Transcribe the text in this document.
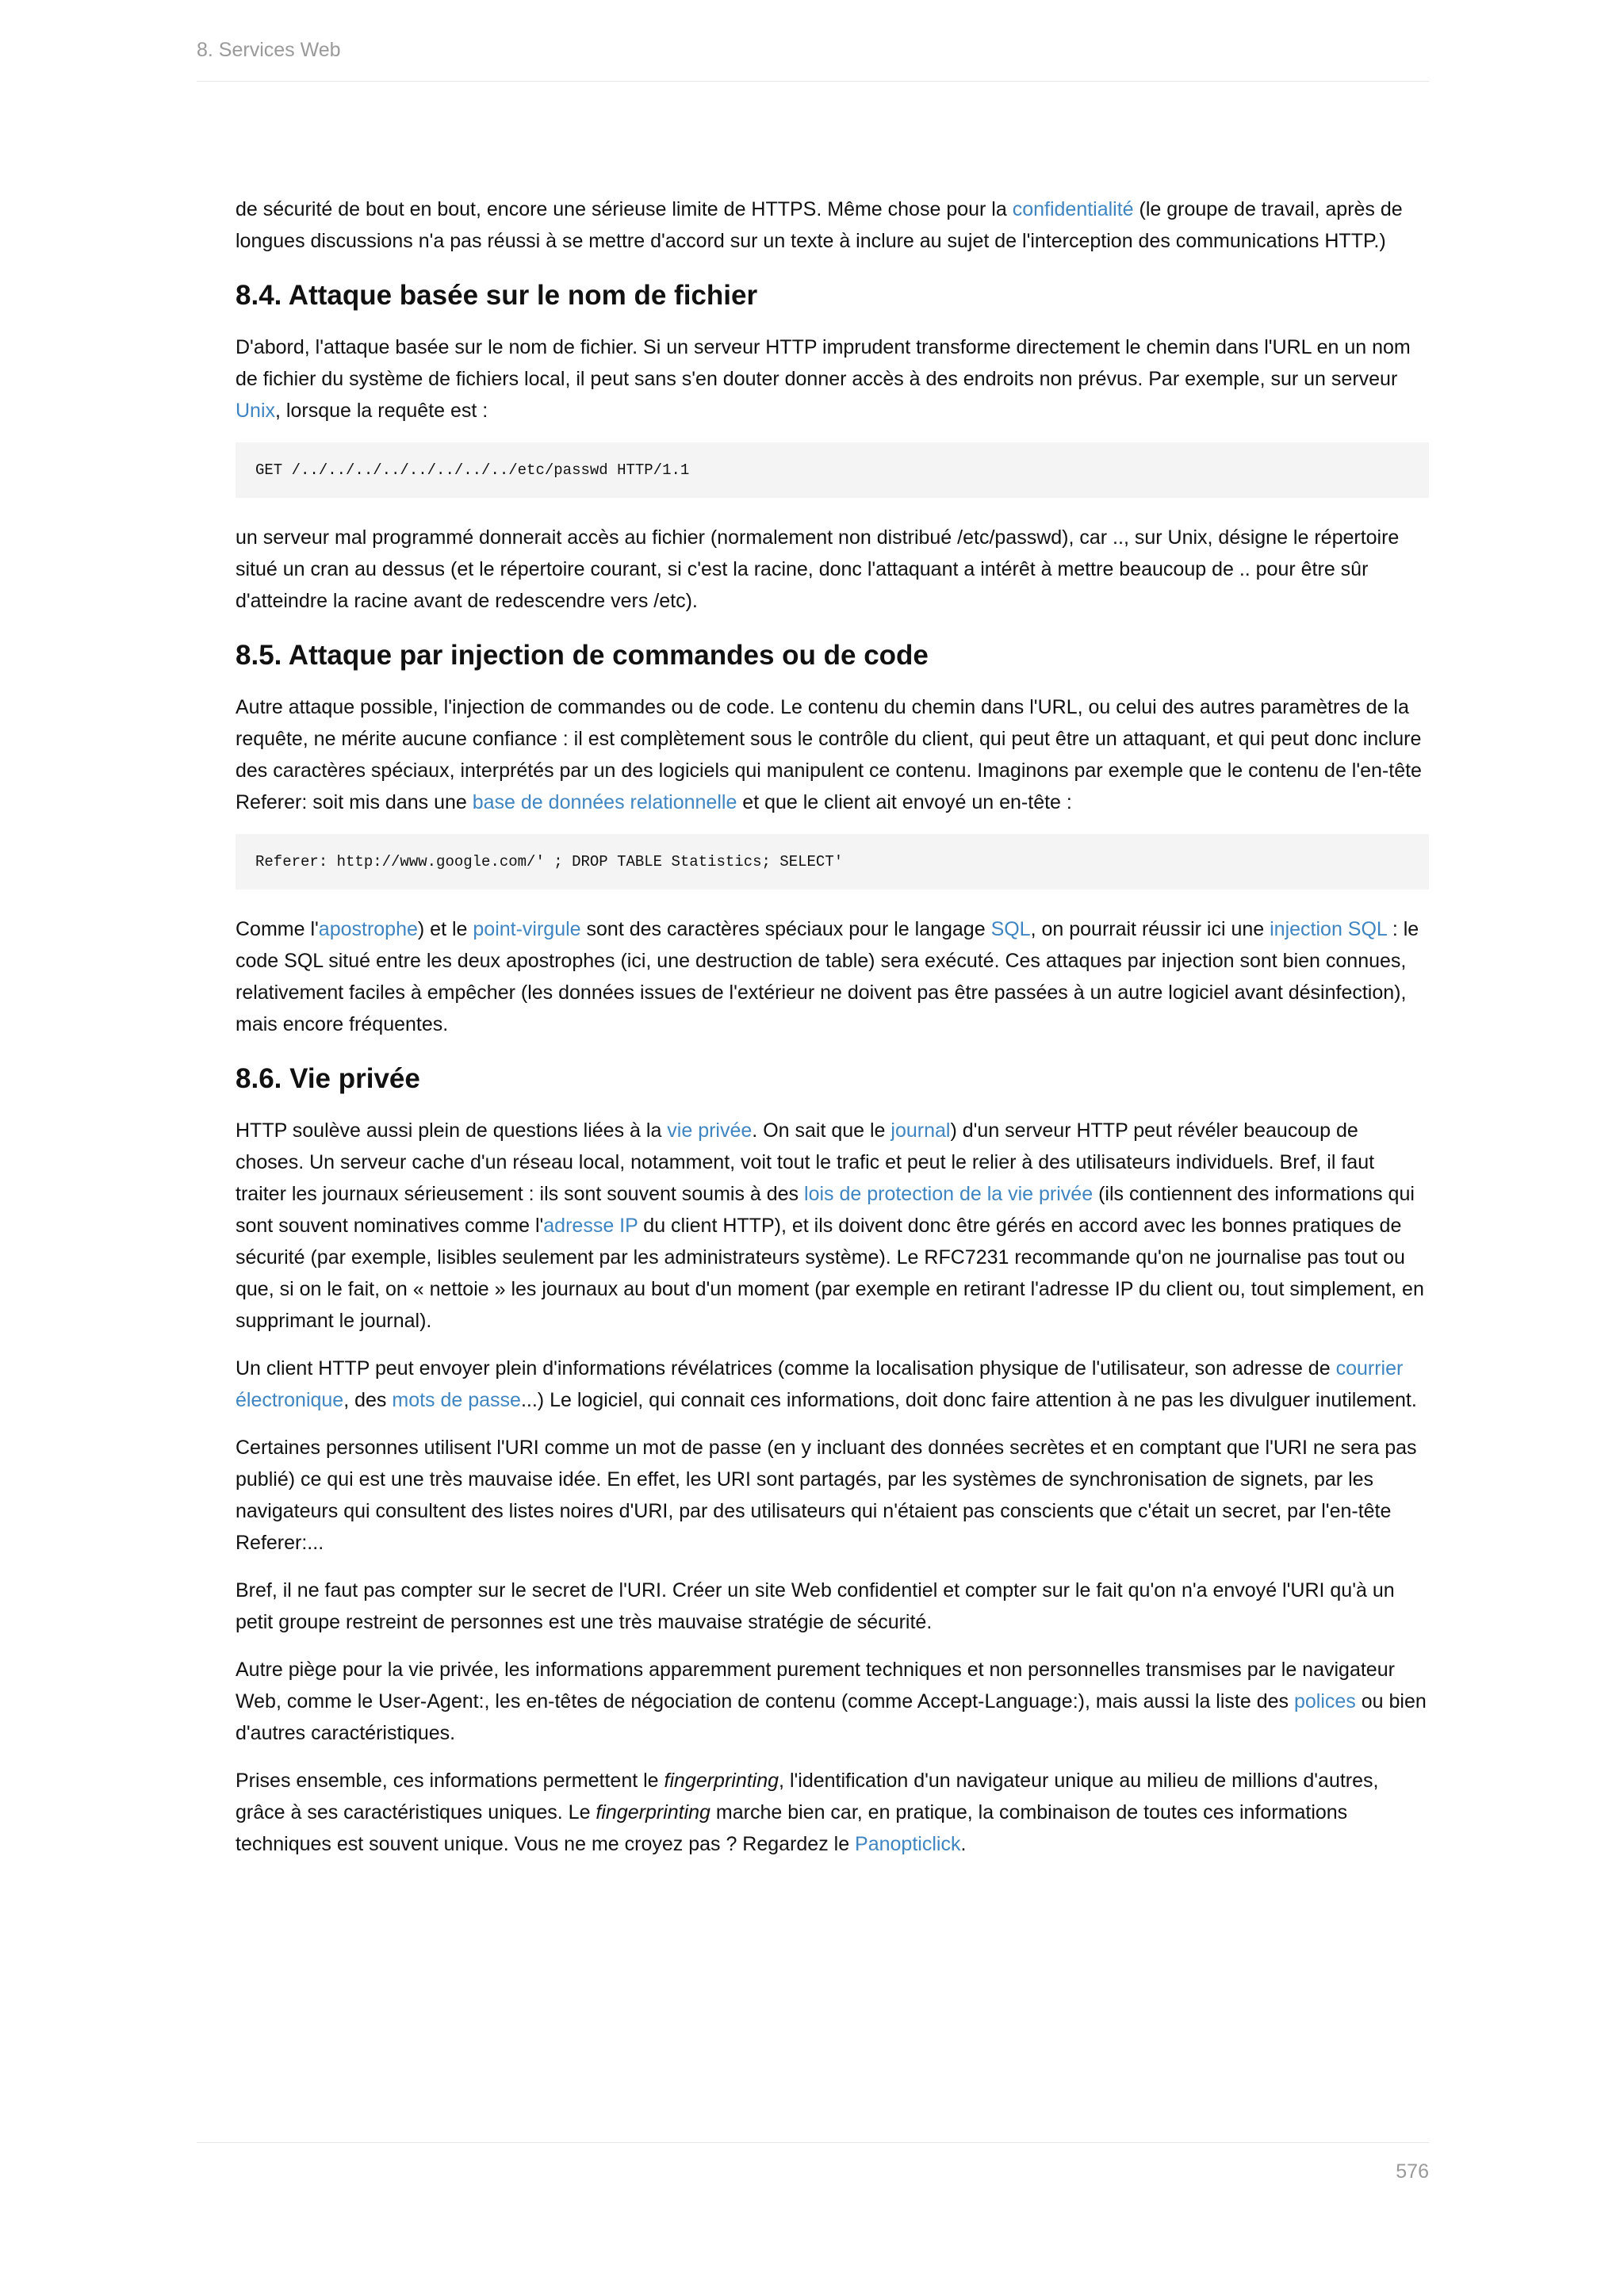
8. Services Web

de sécurité de bout en bout, encore une sérieuse limite de HTTPS. Même chose pour la confidentialité (le groupe de travail, après de longues discussions n'a pas réussi à se mettre d'accord sur un texte à inclure au sujet de l'interception des communications HTTP.)

8.4. Attaque basée sur le nom de fichier

D'abord, l'attaque basée sur le nom de fichier. Si un serveur HTTP imprudent transforme directement le chemin dans l'URL en un nom de fichier du système de fichiers local, il peut sans s'en douter donner accès à des endroits non prévus. Par exemple, sur un serveur Unix, lorsque la requête est :

GET /../../../../../../../../etc/passwd HTTP/1.1

un serveur mal programmé donnerait accès au fichier (normalement non distribué /etc/passwd), car .., sur Unix, désigne le répertoire situé un cran au dessus (et le répertoire courant, si c'est la racine, donc l'attaquant a intérêt à mettre beaucoup de .. pour être sûr d'atteindre la racine avant de redescendre vers /etc).

8.5. Attaque par injection de commandes ou de code

Autre attaque possible, l'injection de commandes ou de code. Le contenu du chemin dans l'URL, ou celui des autres paramètres de la requête, ne mérite aucune confiance : il est complètement sous le contrôle du client, qui peut être un attaquant, et qui peut donc inclure des caractères spéciaux, interprétés par un des logiciels qui manipulent ce contenu. Imaginons par exemple que le contenu de l'en-tête Referer: soit mis dans une base de données relationnelle et que le client ait envoyé un en-tête :

Referer: http://www.google.com/' ; DROP TABLE Statistics; SELECT'

Comme l'apostrophe) et le point-virgule sont des caractères spéciaux pour le langage SQL, on pourrait réussir ici une injection SQL : le code SQL situé entre les deux apostrophes (ici, une destruction de table) sera exécuté. Ces attaques par injection sont bien connues, relativement faciles à empêcher (les données issues de l'extérieur ne doivent pas être passées à un autre logiciel avant désinfection), mais encore fréquentes.

8.6. Vie privée

HTTP soulève aussi plein de questions liées à la vie privée. On sait que le journal) d'un serveur HTTP peut révéler beaucoup de choses. Un serveur cache d'un réseau local, notamment, voit tout le trafic et peut le relier à des utilisateurs individuels. Bref, il faut traiter les journaux sérieusement : ils sont souvent soumis à des lois de protection de la vie privée (ils contiennent des informations qui sont souvent nominatives comme l'adresse IP du client HTTP), et ils doivent donc être gérés en accord avec les bonnes pratiques de sécurité (par exemple, lisibles seulement par les administrateurs système). Le RFC7231 recommande qu'on ne journalise pas tout ou que, si on le fait, on « nettoie » les journaux au bout d'un moment (par exemple en retirant l'adresse IP du client ou, tout simplement, en supprimant le journal).

Un client HTTP peut envoyer plein d'informations révélatrices (comme la localisation physique de l'utilisateur, son adresse de courrier électronique, des mots de passe...) Le logiciel, qui connait ces informations, doit donc faire attention à ne pas les divulguer inutilement.

Certaines personnes utilisent l'URI comme un mot de passe (en y incluant des données secrètes et en comptant que l'URI ne sera pas publié) ce qui est une très mauvaise idée. En effet, les URI sont partagés, par les systèmes de synchronisation de signets, par les navigateurs qui consultent des listes noires d'URI, par des utilisateurs qui n'étaient pas conscients que c'était un secret, par l'en-tête Referer:...

Bref, il ne faut pas compter sur le secret de l'URI. Créer un site Web confidentiel et compter sur le fait qu'on n'a envoyé l'URI qu'à un petit groupe restreint de personnes est une très mauvaise stratégie de sécurité.

Autre piège pour la vie privée, les informations apparemment purement techniques et non personnelles transmises par le navigateur Web, comme le User-Agent:, les en-têtes de négociation de contenu (comme Accept-Language:), mais aussi la liste des polices ou bien d'autres caractéristiques.

Prises ensemble, ces informations permettent le fingerprinting, l'identification d'un navigateur unique au milieu de millions d'autres, grâce à ses caractéristiques uniques. Le fingerprinting marche bien car, en pratique, la combinaison de toutes ces informations techniques est souvent unique. Vous ne me croyez pas ? Regardez le Panopticlick.

576
